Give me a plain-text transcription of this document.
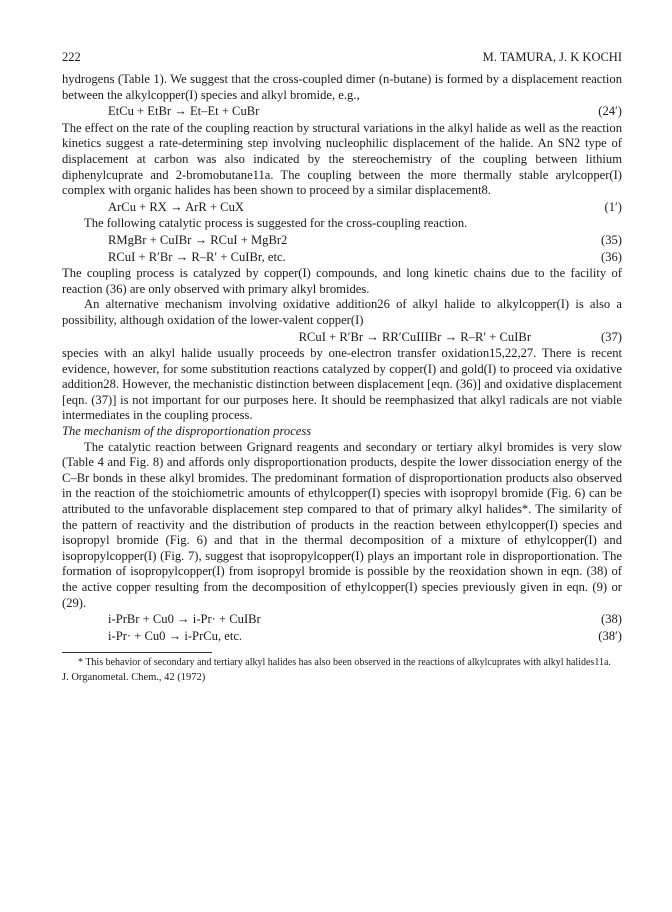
222	M. TAMURA, J. K KOCHI

hydrogens (Table 1). We suggest that the cross-coupled dimer (n-butane) is formed by a displacement reaction between the alkylcopper(I) species and alkyl bromide, e.g.,

EtCu + EtBr → Et–Et + CuBr	(24′)

The effect on the rate of the coupling reaction by structural variations in the alkyl halide as well as the reaction kinetics suggest a rate-determining step involving nucleophilic displacement of the halide. An SN2 type of displacement at carbon was also indicated by the stereochemistry of the coupling between lithium diphenylcuprate and 2-bromobutane11a. The coupling between the more thermally stable arylcopper(I) complex with organic halides has been shown to proceed by a similar displacement8.

ArCu + RX → ArR + CuX	(1′)

The following catalytic process is suggested for the cross-coupling reaction.

RMgBr + CuIBr → RCuI + MgBr2	(35)
RCuI + R′Br → R–R′ + CuIBr, etc.	(36)

The coupling process is catalyzed by copper(I) compounds, and long kinetic chains due to the facility of reaction (36) are only observed with primary alkyl bromides.

An alternative mechanism involving oxidative addition26 of alkyl halide to alkylcopper(I) is also a possibility, although oxidation of the lower-valent copper(I)

RCuI + R′Br → RR′CuIIIBr → R–R′ + CuIBr	(37)

species with an alkyl halide usually proceeds by one-electron transfer oxidation15,22,27. There is recent evidence, however, for some substitution reactions catalyzed by copper(I) and gold(I) to proceed via oxidative addition28. However, the mechanistic distinction between displacement [eqn. (36)] and oxidative displacement [eqn. (37)] is not important for our purposes here. It should be reemphasized that alkyl radicals are not viable intermediates in the coupling process.

The mechanism of the disproportionation process

The catalytic reaction between Grignard reagents and secondary or tertiary alkyl bromides is very slow (Table 4 and Fig. 8) and affords only disproportionation products, despite the lower dissociation energy of the C–Br bonds in these alkyl bromides. The predominant formation of disproportionation products also observed in the reaction of the stoichiometric amounts of ethylcopper(I) species with isopropyl bromide (Fig. 6) can be attributed to the unfavorable displacement step compared to that of primary alkyl halides*. The similarity of the pattern of reactivity and the distribution of products in the reaction between ethylcopper(I) species and isopropyl bromide (Fig. 6) and that in the thermal decomposition of a mixture of ethylcopper(I) and isopropylcopper(I) (Fig. 7), suggest that isopropylcopper(I) plays an important role in disproportionation. The formation of isopropylcopper(I) from isopropyl bromide is possible by the reoxidation shown in eqn. (38) of the active copper resulting from the decomposition of ethylcopper(I) species previously given in eqn. (9) or (29).

i-PrBr + Cu0 → i-Pr· + CuIBr	(38)
i-Pr· + Cu0 → i-PrCu, etc.	(38′)

* This behavior of secondary and tertiary alkyl halides has also been observed in the reactions of alkylcuprates with alkyl halides11a.

J. Organometal. Chem., 42 (1972)
